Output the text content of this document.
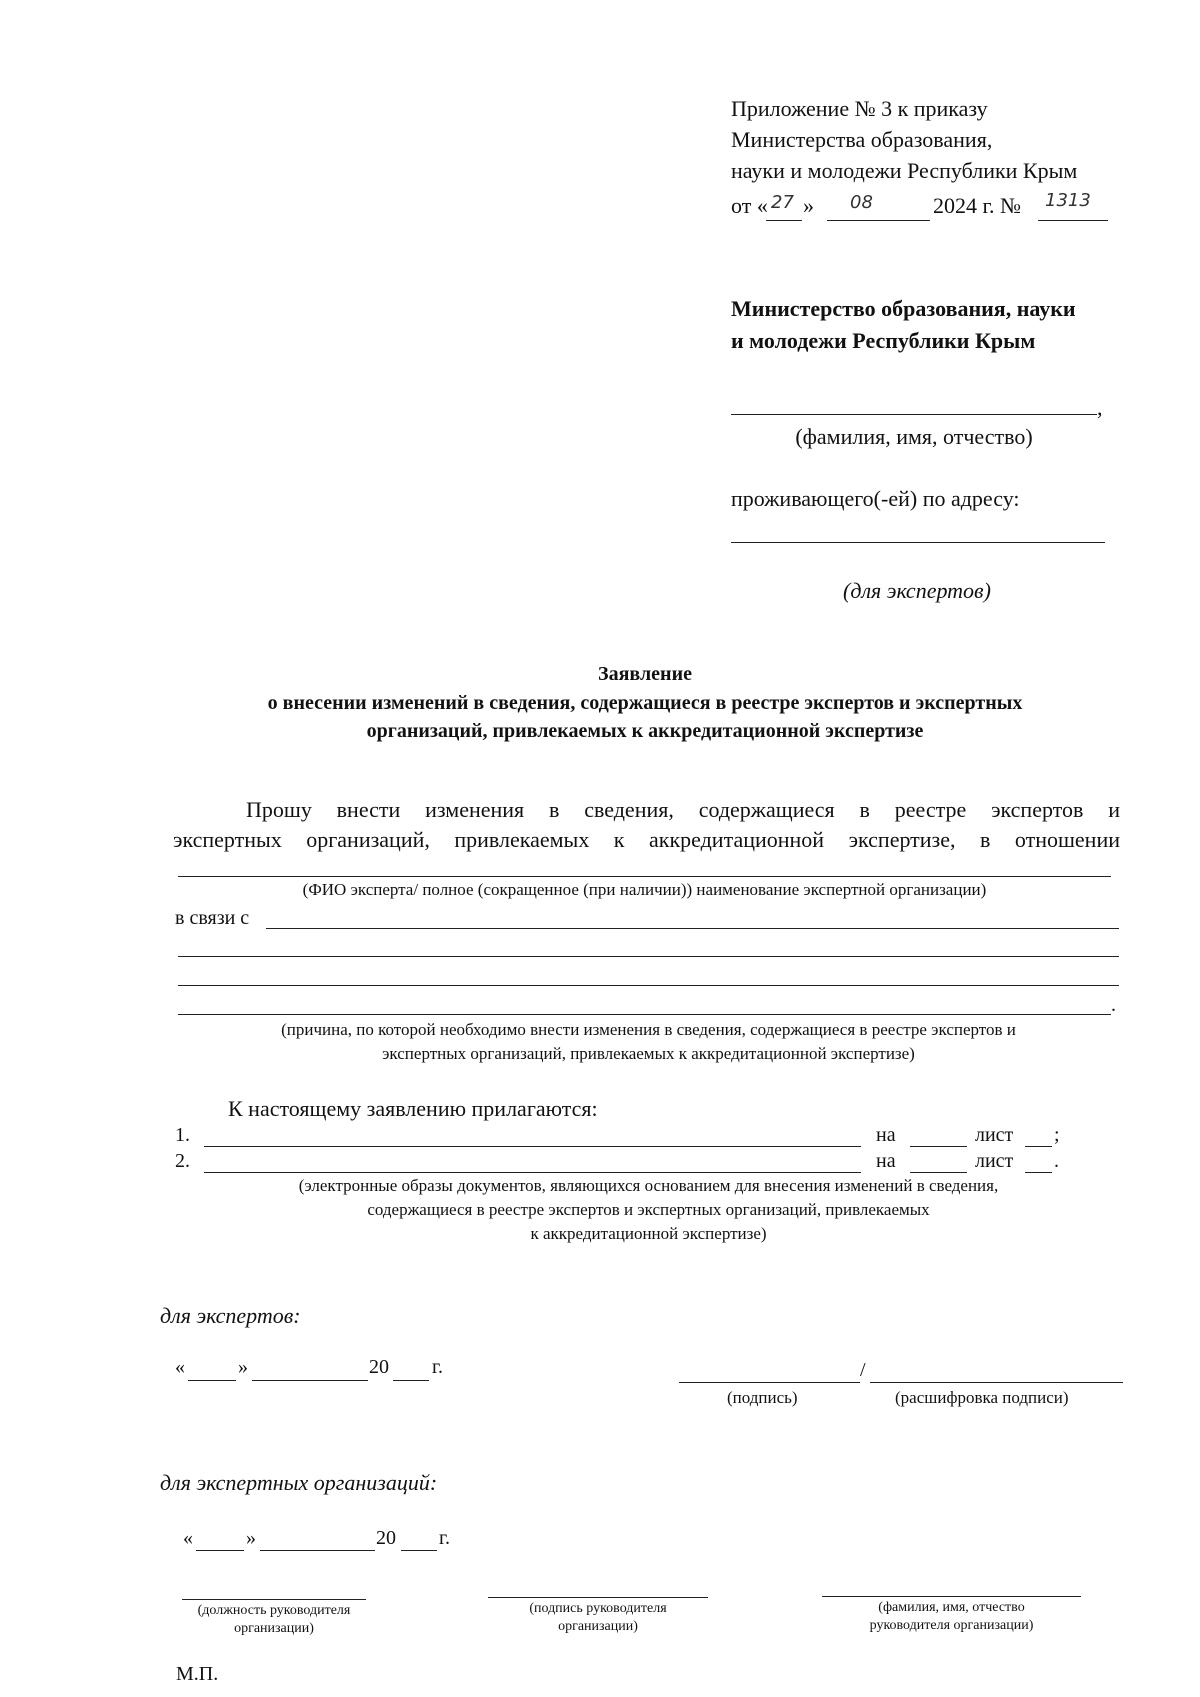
Приложение № 3 к приказу
Министерства образования,
науки и молодежи Республики Крым
от « 27 » 08	2024 г. № 1313
Министерство образования, науки
и молодежи Республики Крым
,
(фамилия, имя, отчество)
проживающего(-ей) по адресу:
(для экспертов)
Заявление
о внесении изменений в сведения, содержащиеся в реестре экспертов и экспертных
организаций, привлекаемых к аккредитационной экспертизе
Прошу внести изменения в сведения, содержащиеся в реестре экспертов и
экспертных организаций, привлекаемых к аккредитационной экспертизе, в отношении
(ФИО эксперта/ полное (сокращенное (при наличии)) наименование экспертной организации)
в связи с
.
(причина, по которой необходимо внести изменения в сведения, содержащиеся в реестре экспертов и
экспертных организаций, привлекаемых к аккредитационной экспертизе)
К настоящему заявлению прилагаются:
1.	на	лист ;
2.	на	лист .
(электронные образы документов, являющихся основанием для внесения изменений в сведения,
содержащиеся в реестре экспертов и экспертных организаций, привлекаемых
к аккредитационной экспертизе)
для экспертов:
«	»	20 г.	/
(подпись)	(расшифровка подписи)
для экспертных организаций:
«	»	20 г.
(должность руководителя
организации)
(подпись руководителя
организации)
(фамилия, имя, отчество
руководителя организации)
М.П.
